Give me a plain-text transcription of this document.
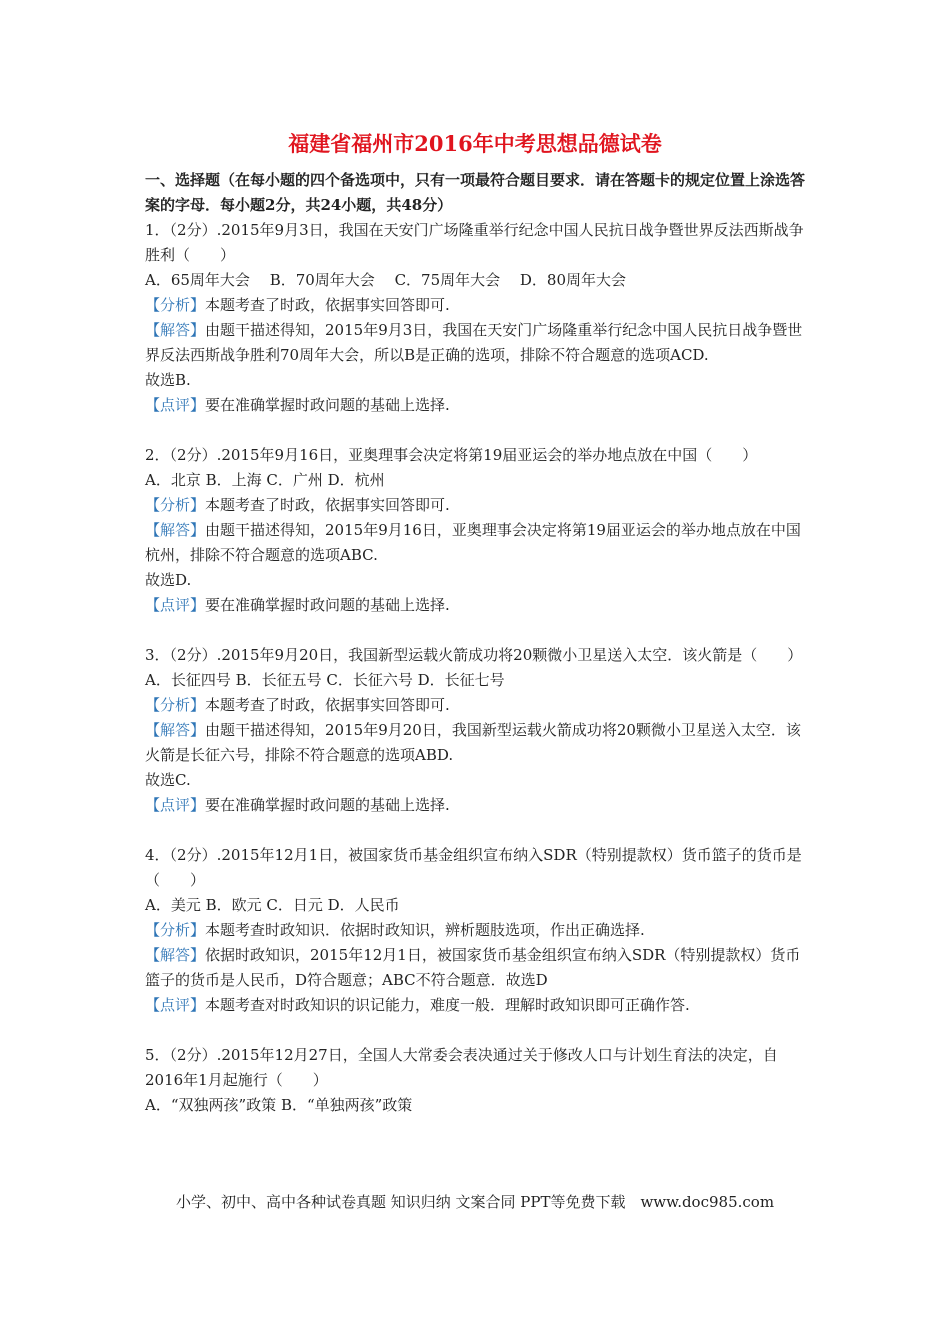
福建省福州市2016年中考思想品德试卷

一、选择题（在每小题的四个备选项中，只有一项最符合题目要求．请在答题卡的规定位置上涂选答案的字母．每小题2分，共24小题，共48分）

1．（2分）.2015年9月3日，我国在天安门广场隆重举行纪念中国人民抗日战争暨世界反法西斯战争胜利（　　）

A．65周年大会　 B．70周年大会　 C．75周年大会　 D．80周年大会

【分析】本题考查了时政，依据事实回答即可.

【解答】由题干描述得知，2015年9月3日，我国在天安门广场隆重举行纪念中国人民抗日战争暨世界反法西斯战争胜利70周年大会，所以B是正确的选项，排除不符合题意的选项ACD.

故选B.

【点评】要在准确掌握时政问题的基础上选择.

2．（2分）.2015年9月16日，亚奥理事会决定将第19届亚运会的举办地点放在中国（　　）

A．北京 B．上海 C．广州 D．杭州

【分析】本题考查了时政，依据事实回答即可.

【解答】由题干描述得知，2015年9月16日，亚奥理事会决定将第19届亚运会的举办地点放在中国杭州，排除不符合题意的选项ABC.

故选D.

【点评】要在准确掌握时政问题的基础上选择.

3．（2分）.2015年9月20日，我国新型运载火箭成功将20颗微小卫星送入太空．该火箭是（　　）

A．长征四号 B．长征五号 C．长征六号 D．长征七号

【分析】本题考查了时政，依据事实回答即可.

【解答】由题干描述得知，2015年9月20日，我国新型运载火箭成功将20颗微小卫星送入太空．该火箭是长征六号，排除不符合题意的选项ABD.

故选C.

【点评】要在准确掌握时政问题的基础上选择.

4．（2分）.2015年12月1日，被国家货币基金组织宣布纳入SDR（特别提款权）货币篮子的货币是（　　）

A．美元 B．欧元 C．日元 D．人民币

【分析】本题考查时政知识．依据时政知识，辨析题肢选项，作出正确选择.

【解答】依据时政知识，2015年12月1日，被国家货币基金组织宣布纳入SDR（特别提款权）货币篮子的货币是人民币，D符合题意；ABC不符合题意．故选D

【点评】本题考查对时政知识的识记能力，难度一般．理解时政知识即可正确作答.

5．（2分）.2015年12月27日，全国人大常委会表决通过关于修改人口与计划生育法的决定，自2016年1月起施行（　　）

A．“双独两孩”政策 B．“单独两孩”政策

小学、初中、高中各种试卷真题 知识归纳 文案合同 PPT等免费下载　www.doc985.com
